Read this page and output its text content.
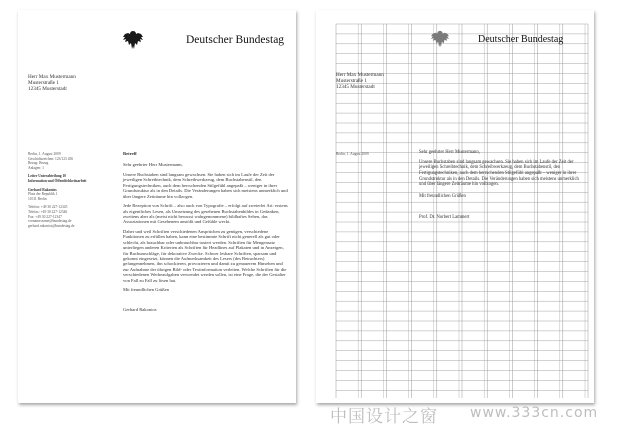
Deutscher Bundestag
Herr Max Mustermann
Musterstraße 1
12345 Musterstadt
Berlin, 1. August 2009
Geschäftszeichen: 123/123 456
Bezug: Bezug
Anlagen: 1
Leiter Unterabteilung 10
Information und Öffentlichkeitsarbeit
Gerhard Rakonios
Platz der Republik 1
11011 Berlin
Telefon: +49 30 227-12345
Telefax: +49 30 227-12346
Fax: +49 30 227-12347
vorname.name@bundestag.de
gerhard.rakonios@bundestag.de

Betreff

Sehr geehrter Herr Mustermann,

Unsere Buchstaben sind langsam gewachsen. Sie haben sich im Laufe der Zeit der jeweiligen Schreibtechnik, dem Schreibwerkzeug, dem Buchstabenstil, den Fertigungstechniken, auch dem herrschenden Stilgefühl angepaßt – weniger in ihrer Grundstruktur als in den Details. Die Veränderungen haben sich meistens unmerklich und über längere Zeiträume hin vollzogen.

Jede Rezeption von Schrift – also auch von Typografie – erfolgt auf zweierlei Art: erstens als eigentliches Lesen, als Umsetzung des gesehenen Buchstabenbildes in Gedanken, zweitens aber als (meist nicht bewusst wahrgenommene) bildhaftes Sehen, das Assoziationen mit Gesehenem anstößt und Gefühle weckt.

Daher und weil Schriften verschiedenen Ansprüchen zu genügen, verschiedene Funktionen zu erfüllen haben, kann eine bestimmte Schrift nicht generell als gut oder schlecht, als brauchbar oder unbrauchbar taxiert werden. Schriften für Mengensatz unterliegen anderen Kriterien als Schriften für Headlines auf Plakaten und in Anzeigen, für Buchumschläge, für dekorative Zwecke. Schwer lesbare Schriften, sparsam und gekonnt eingesetzt, können die Aufmerksamkeit des Lesers (des Betrachters) gefangennehmen, ihn schockieren, provozieren und damit zu genauerem Hinsehen und zur Aufnahme der übrigen Bild- oder Textinformation verleiten. Welche Schriften für die verschiedenen Werbeaufgaben verwendet werden sollen, ist eine Frage, die der Gestalter von Fall zu Fall zu lösen hat.

Mit freundlichen Grüßen

Gerhard Rakonios

Deutscher Bundestag
Herr Max Mustermann
Musterstraße 1
12345 Musterstadt
Berlin, 1. August 2009	Sehr geehrter Herr Mustermann,

Unsere Buchstaben sind langsam gewachsen. Sie haben sich im Laufe der Zeit der jeweiligen Schreibtechnik, dem Schreibwerkzeug, dem Buchstabenstil, den Fertigungstechniken, auch dem herrschenden Stilgefühl angepaßt – weniger in ihrer Grundstruktur als in den Details. Die Veränderungen haben sich meistens unmerklich und über längere Zeiträume hin vollzogen.

Mit freundlichen Grüßen

Prof. Dr. Norbert Lammert

中国设计之窗 www.333cn.com
